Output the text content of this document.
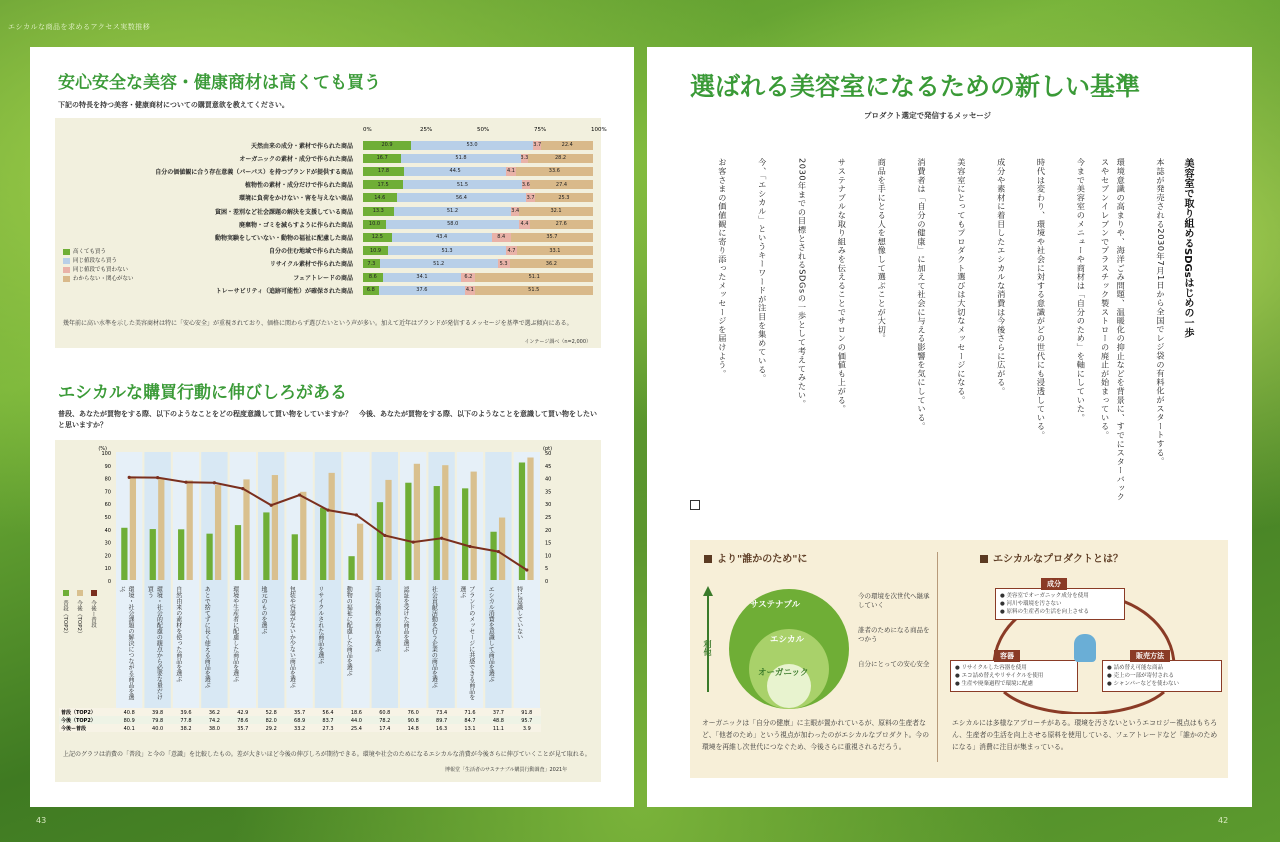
エシカルな商品を求めるアクセス実数推移
安心安全な美容・健康商材は高くても買う
下記の特長を持つ美容・健康商材についての購買意欲を教えてください。
0%	25%	50%	75%	100%
天然由来の成分・素材で作られた商品	20.9	53.0	3.7	22.4
オーガニックの素材・成分で作られた商品	16.7	51.8	3.3	28.2
自分の価値観に合う存在意義（パーパス）を持つブランドが提供する商品	17.8	44.5	4.1	33.6
植物性の素材・成分だけで作られた商品	17.5	51.5	3.6	27.4
環境に負荷をかけない・害を与えない商品	14.6	56.4	3.7	25.3
貧困・差別など社会課題の解決を支援している商品	13.3	51.2	3.4	32.1
廃棄物・ゴミを減らすように作られた商品	10.0	58.0	4.4	27.6
動物実験をしていない・動物の福祉に配慮した商品	12.5	43.4	8.4	35.7
自分の住む地域で作られた商品	10.9	51.3	4.7	33.1
リサイクル素材で作られた商品	7.3	51.2	5.3	36.2
フェアトレードの商品	8.6	34.1	6.2	51.1
トレーサビリティ（追跡可能性）が確保された商品	6.8	37.6	4.1	51.5
高くても買う
同じ値段なら買う
同じ値段でも買わない
わからない・関心がない
幾年前に高い水準を示した美容商材は特に「安心安全」が重視されており、価格に関わらず選びたいという声が多い。加えて近年はブランドが発信するメッセージを基準で選ぶ傾向にある。
インテージ調べ（n=2,000）
エシカルな購買行動に伸びしろがある
普段、あなたが買物をする際、以下のようなことをどの程度意識して買い物をしていますか？　今後、あなたが買物をする際、以下のようなことを意識して買い物をしたいと思いますか？
100
90
80
70
60
50
40
30
20
10
0
50
45
40
35
30
25
20
15
10
5
0
(%)	(pt)
環境・社会課題の解決につながる商品を選ぶ	環境・社会的配慮の観点から必要な量だけ買う	自然由来の素材を使った商品を選ぶ	あとで捨てずに長く使える商品を選ぶ	環境や生産者に配慮した商品を選ぶ	地元のものを選ぶ	包装や容器がないか少ない商品を選ぶ	リサイクルされた商品を選ぶ	動物の福祉に配慮した商品を選ぶ	手頃な価格の商品を選ぶ	認証を受けた商品を選ぶ	社会貢献活動を行う企業の商品を選ぶ	ブランドのメッセージに共感できる商品を選ぶ	エシカル消費を意識して商品を選ぶ	特に意識していない
普段（TOP2） 今後（TOP2） 今後ー普段
普段（TOP2）	40.8	39.8	39.6	36.2	42.9	52.8	35.7	56.4	18.6	60.8	76.0	73.4	71.6	37.7	91.8
今後（TOP2）	80.9	79.8	77.8	74.2	78.6	82.0	68.9	83.7	44.0	78.2	90.8	89.7	84.7	48.8	95.7
今後ー普段	40.1	40.0	38.2	38.0	35.7	29.2	33.2	27.3	25.4	17.4	14.8	16.3	13.1	11.1	3.9
上記のグラフは消費の「普段」と今の「意識」を比較したもの。差が大きいほど今後の伸びしろが期待できる。環境や社会のためになるエシカルな消費が今後さらに伸びていくことが見て取れる。
博報堂「生活者のサステナブル購買行動調査」2021年
43
選ばれる美容室になるための新しい基準
プロダクト選定で発信するメッセージ
美容室で取り組めるSDGsはじめの一歩
本誌が発売される2030年7月1日から全国でレジ袋の有料化がスタートする。
環境意識の高まりや、海洋ごみ問題、温暖化の抑止などを背景に、すでにスターバックスやセブンイレブンでプラスチック製ストローの廃止が始まっている。
今まで美容室のメニューや商材は「自分のため」を軸にしていた。
時代は変わり、環境や社会に対する意識がどの世代にも浸透している。
成分や素材に着目したエシカルな消費は今後さらに広がる。
美容室にとってもプロダクト選びは大切なメッセージになる。
消費者は「自分の健康」に加えて社会に与える影響を気にしている。
商品を手にとる人を想像して選ぶことが大切。
サステナブルな取り組みを伝えることでサロンの価値も上がる。
2030年までの目標とされるSDGsの一歩として考えてみたい。
今、「エシカル」というキーワードが注目を集めている。
お客さまの価値観に寄り添ったメッセージを届けよう。
より"誰かのため"に	エシカルなプロダクトとは？
利他
サステナブル
エシカル
オーガニック
今の環境を次世代へ継承していく
誰者のためになる商品をつかう
自分にとっての安心安全
オーガニックは「自分の健康」に主眼が置かれているが、原料の生産者など、「他者のため」という視点が加わったのがエシカルなプロダクト。今の環境を再維し次世代につなぐため、今後さらに重視されるだろう。
● 美容室でオーガニック成分を使用
● 河川や環境を汚さない
● 原料の生産者の生活を向上させる
成分
● リサイクルした容器を使用
● エコ詰め替えやリサイクルを使用
● 生産や廃棄過程で環境に配慮
容器
● 詰め替え可能な商品
● 売上の一部が寄付される
● シャンパーなどを使わない
販売方法
エシカルには多様なアプローチがある。環境を汚さないというエコロジー視点はもちろん、生産者の生活を向上させる原料を使用している、フェアトレードなど「誰かのためになる」消費に注目が集まっている。
42
